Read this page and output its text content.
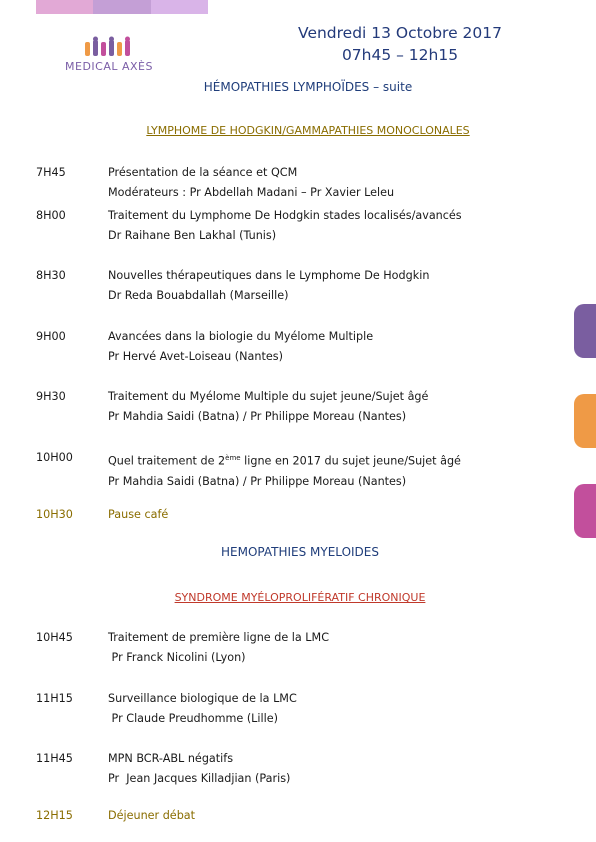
MEDICAL AXÈS
Vendredi 13 Octobre 2017
07h45 – 12h15
HÉMOPATHIES LYMPHOÏDES – suite
LYMPHOME DE HODGKIN/GAMMAPATHIES MONOCLONALES
7H45	Présentation de la séance et QCM
Modérateurs : Pr Abdellah Madani – Pr Xavier Leleu
8H00	Traitement du Lymphome De Hodgkin stades localisés/avancés
Dr Raihane Ben Lakhal (Tunis)
8H30	Nouvelles thérapeutiques dans le Lymphome De Hodgkin
Dr Reda Bouabdallah (Marseille)
9H00	Avancées dans la biologie du Myélome Multiple
Pr Hervé Avet-Loiseau (Nantes)
9H30	Traitement du Myélome Multiple du sujet jeune/Sujet âgé
Pr Mahdia Saidi (Batna) / Pr Philippe Moreau (Nantes)
10H00	Quel traitement de 2ème ligne en 2017 du sujet jeune/Sujet âgé
Pr Mahdia Saidi (Batna) / Pr Philippe Moreau (Nantes)
10H30	Pause café
HEMOPATHIES MYELOIDES
SYNDROME MYÉLOPROLIFÉRATIF CHRONIQUE
10H45	Traitement de première ligne de la LMC
Pr Franck Nicolini (Lyon)
11H15	Surveillance biologique de la LMC
Pr Claude Preudhomme (Lille)
11H45	MPN BCR-ABL négatifs
Pr  Jean Jacques Killadjian (Paris)
12H15	Déjeuner débat
